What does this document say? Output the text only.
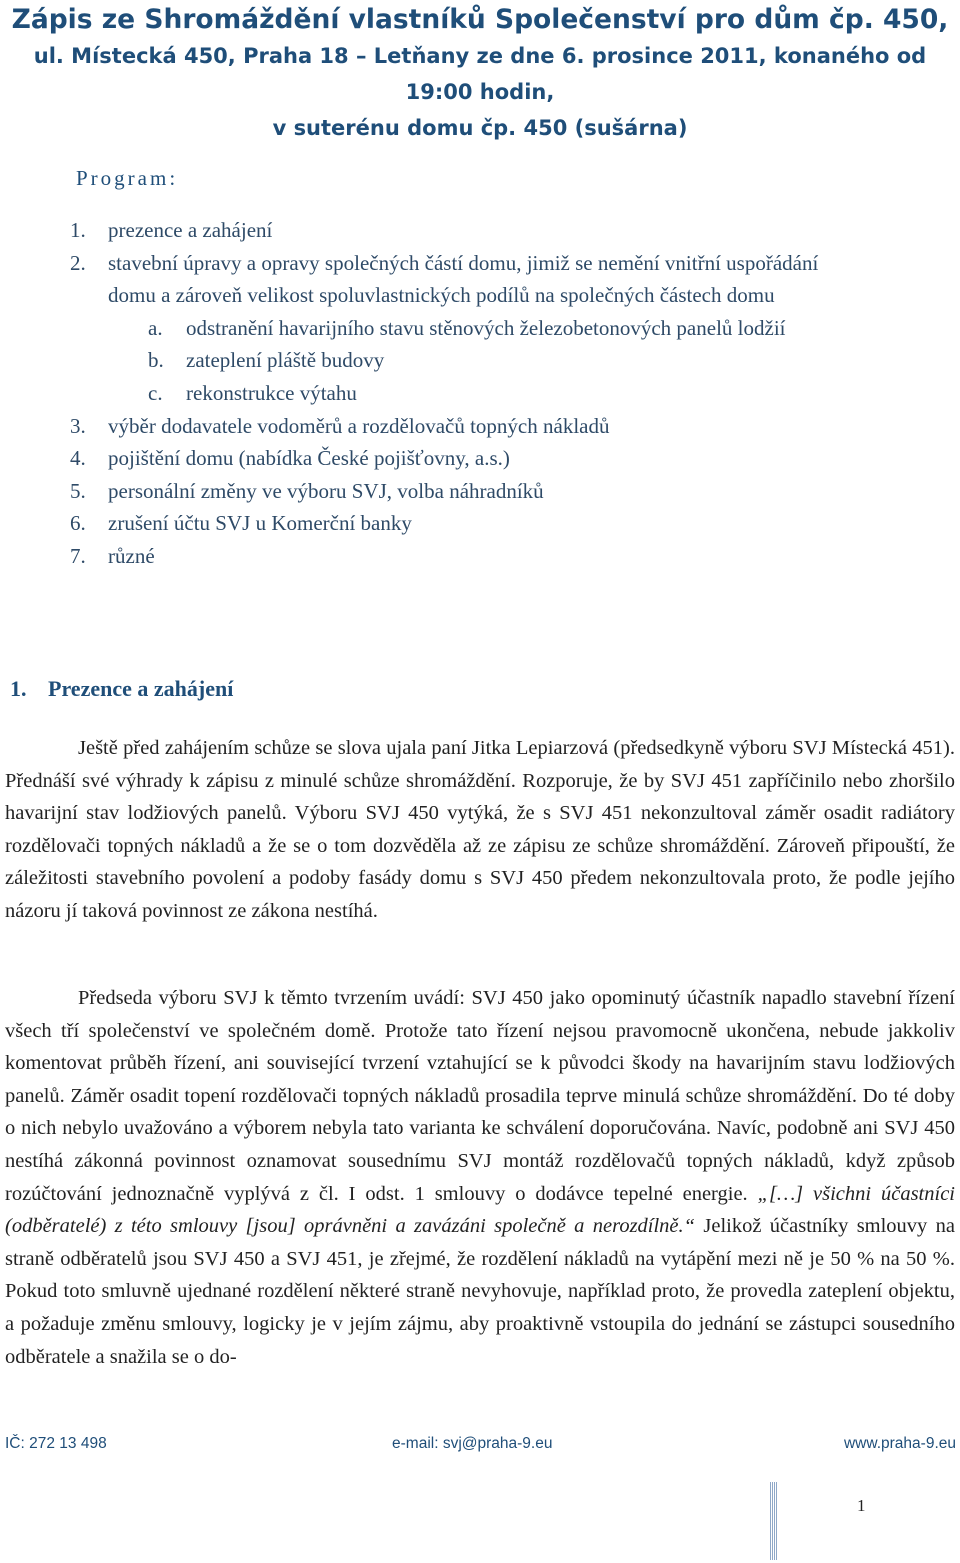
Zápis ze Shromáždění vlastníků Společenství pro dům čp. 450,
ul. Místecká 450, Praha 18 – Letňany ze dne 6. prosince 2011, konaného od 19:00 hodin,
v suterénu domu čp. 450 (sušárna)
Program:
1. prezence a zahájení
2. stavební úpravy a opravy společných částí domu, jimiž se nemění vnitřní uspořádání
domu a zároveň velikost spoluvlastnických podílů na společných částech domu
a. odstranění havarijního stavu stěnových železobetonových panelů lodžií
b. zateplení pláště budovy
c. rekonstrukce výtahu
3. výběr dodavatele vodoměrů a rozdělovačů topných nákladů
4. pojištění domu (nabídka České pojišťovny, a.s.)
5. personální změny ve výboru SVJ, volba náhradníků
6. zrušení účtu SVJ u Komerční banky
7. různé
1. Prezence a zahájení

Ještě před zahájením schůze se slova ujala paní Jitka Lepiarzová (předsedkyně výboru SVJ Místecká 451). Přednáší své výhrady k zápisu z minulé schůze shromáždění. Rozporuje, že by SVJ 451 zapříčinilo nebo zhoršilo havarijní stav lodžiových panelů. Výboru SVJ 450 vytýká, že s SVJ 451 nekonzultoval záměr osadit radiátory rozdělovači topných nákladů a že se o tom dozvěděla až ze zápisu ze schůze shromáždění. Zároveň připouští, že záležitosti stavebního povolení a podoby fasády domu s SVJ 450 předem nekonzultovala proto, že podle jejího názoru jí taková povinnost ze zákona nestíhá.

Předseda výboru SVJ k těmto tvrzením uvádí: SVJ 450 jako opominutý účastník napadlo stavební řízení všech tří společenství ve společném domě. Protože tato řízení nejsou pravomocně ukončena, nebude jakkoliv komentovat průběh řízení, ani související tvrzení vztahující se k původci škody na havarijním stavu lodžiových panelů. Záměr osadit topení rozdělovači topných nákladů prosadila teprve minulá schůze shromáždění. Do té doby o nich nebylo uvažováno a výborem nebyla tato varianta ke schválení doporučována. Navíc, podobně ani SVJ 450 nestíhá zákonná povinnost oznamovat sousednímu SVJ montáž rozdělovačů topných nákladů, když způsob rozúčtování jednoznačně vyplývá z čl. I odst. 1 smlouvy o dodávce tepelné energie. „[…] všichni účastníci (odběratelé) z této smlouvy [jsou] oprávněni a zavázáni společně a nerozdílně.“ Jelikož účastníky smlouvy na straně odběratelů jsou SVJ 450 a SVJ 451, je zřejmé, že rozdělení nákladů na vytápění mezi ně je 50 % na 50 %. Pokud toto smluvně ujednané rozdělení některé straně nevyhovuje, například proto, že provedla zateplení objektu, a požaduje změnu smlouvy, logicky je v jejím zájmu, aby proaktivně vstoupila do jednání se zástupci sousedního odběratele a snažila se o do-

IČ: 272 13 498	e-mail: svj@praha-9.eu	www.praha-9.eu
1
